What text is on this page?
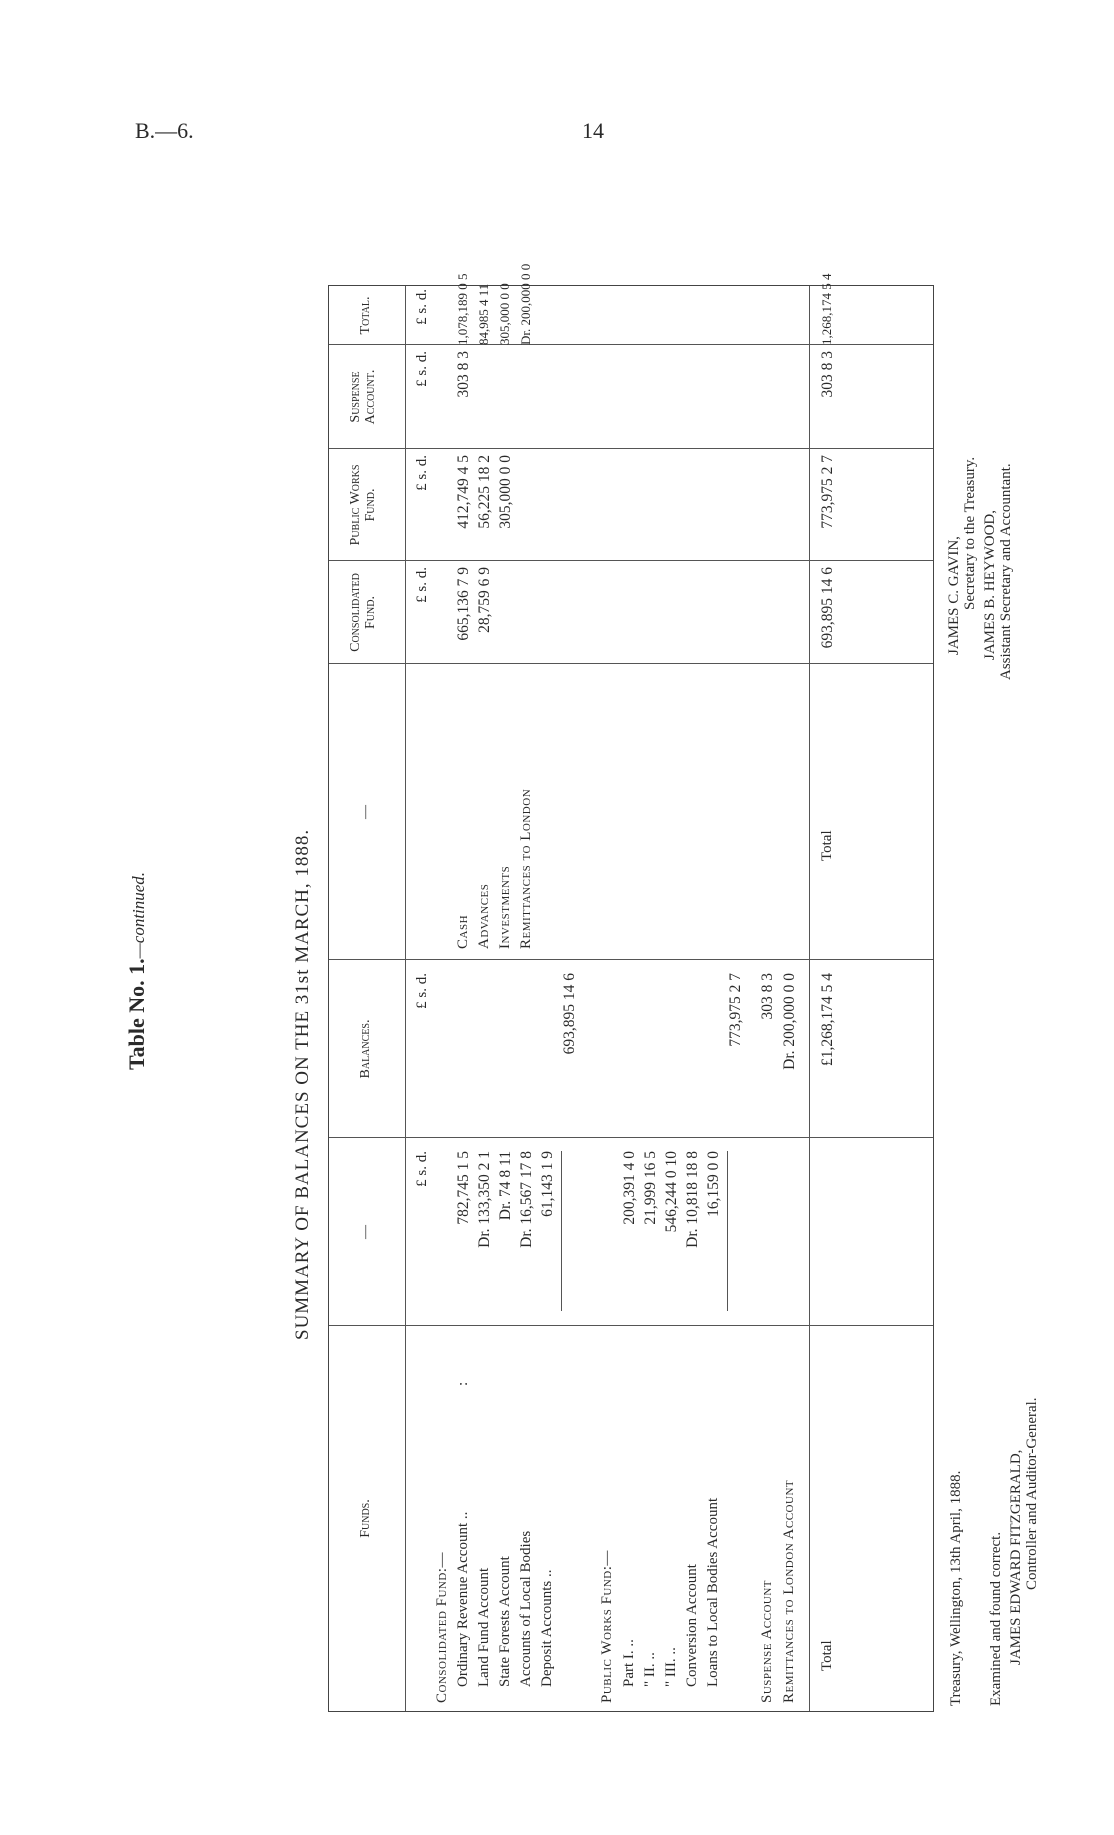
B.—6.	14
Table No. 1.—continued.	SUMMARY OF BALANCES ON THE 31st MARCH, 1888.
Funds.
—
Balances.
—
Consolidated Fund.
Public Works Fund.
Suspense Account.
Total.
£ s. d.
£ s. d.
£ s. d.
£ s. d.
£ s. d.
£ s. d.
Consolidated Fund:— Ordinary Revenue Account .. Land Fund Account State Forests Account Accounts of Local Bodies Deposit Accounts ..
:
782,745 1 5 Dr. 133,350 2 1 Dr. 74 8 11 Dr. 16,567 17 8 61,143 1 9
693,895 14 6
Public Works Fund:— Part I. .. " II. .. " III. .. Conversion Account Loans to Local Bodies Account
200,391 4 0 21,999 16 5 546,244 0 10 Dr. 10,818 18 8 16,159 0 0
773,975 2 7
Suspense Account
303 8 3
Remittances to London Account
Dr. 200,000 0 0
Total
£1,268,174 5 4
Cash Advances Investments Remittances to London
665,136 7 9 28,759 6 9
412,749 4 5 56,225 18 2 305,000 0 0
303 8 3
1,078,189 0 5 84,985 4 11 305,000 0 0 Dr. 200,000 0 0
Total
693,895 14 6
773,975 2 7
303 8 3
1,268,174 5 4
Treasury, Wellington, 13th April, 1888. Examined and found correct. JAMES EDWARD FITZGERALD, Controller and Auditor-General.
JAMES C. GAVIN, Secretary to the Treasury. JAMES B. HEYWOOD, Assistant Secretary and Accountant.
